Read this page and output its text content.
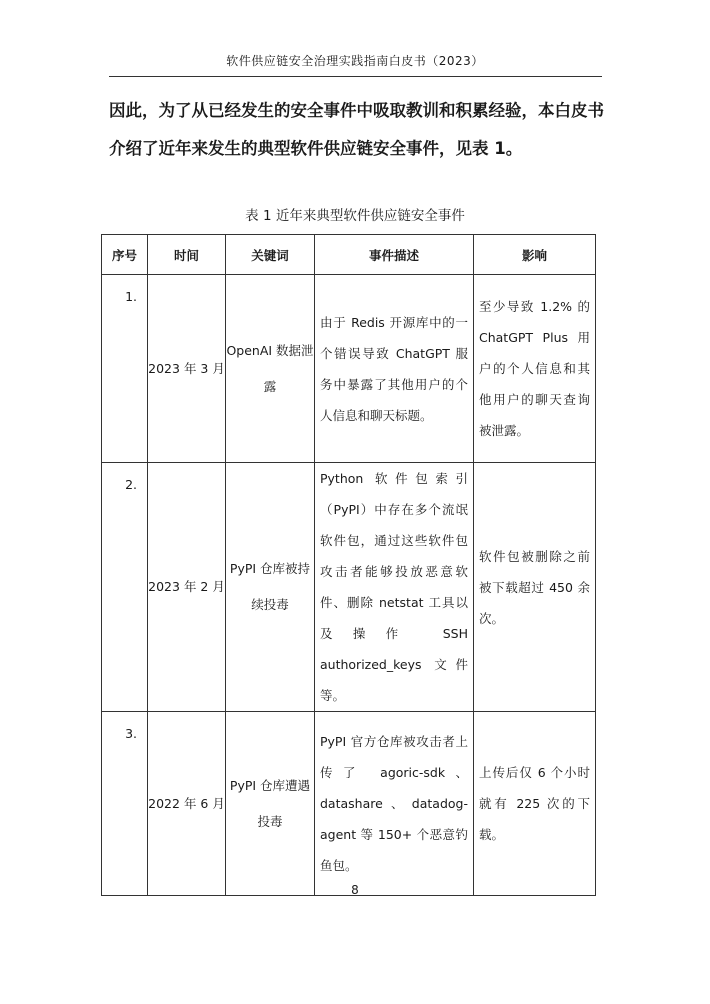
软件供应链安全治理实践指南白皮书（2023）

因此，为了从已经发生的安全事件中吸取教训和积累经验，本白皮书

介绍了近年来发生的典型软件供应链安全事件，见表 1。

表 1 近年来典型软件供应链安全事件
序号	时间	关键词	事件描述	影响
1.	2023 年 3 月	OpenAI 数据泄露	由于 Redis 开源库中的一个错误导致 ChatGPT 服务中暴露了其他用户的个人信息和聊天标题。	至少导致 1.2% 的 ChatGPT Plus 用户的个人信息和其他用户的聊天查询被泄露。
2.	2023 年 2 月	PyPI 仓库被持续投毒	Python 软件包索引（PyPI）中存在多个流氓软件包，通过这些软件包攻击者能够投放恶意软件、删除 netstat 工具以及操作 SSH authorized_keys 文件等。	软件包被删除之前被下载超过 450 余次。
3.	2022 年 6 月	PyPI 仓库遭遇投毒	PyPI 官方仓库被攻击者上传了 agoric-sdk、datashare、datadog-agent 等 150+ 个恶意钓鱼包。	上传后仅 6 个小时就有 225 次的下载。
8
